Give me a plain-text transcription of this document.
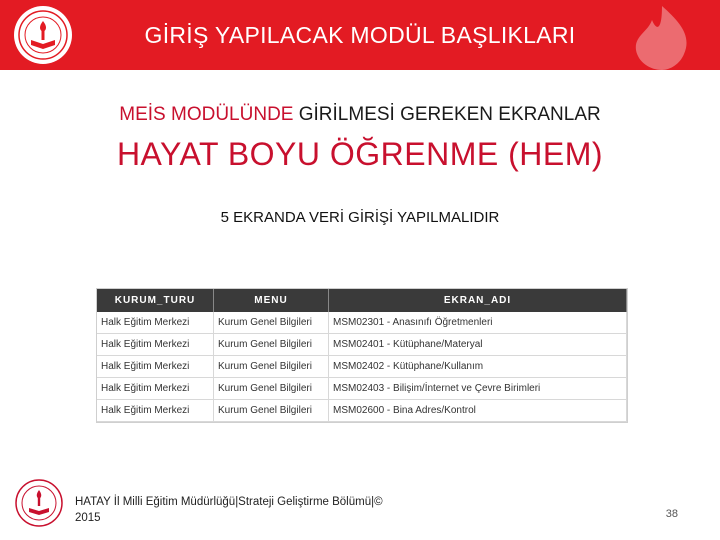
GİRİŞ YAPILACAK MODÜL BAŞLIKLARI
MEİS MODÜLÜNDE GİRİLMESİ GEREKEN EKRANLAR
HAYAT BOYU ÖĞRENME (HEM)
5 EKRANDA VERİ GİRİŞİ YAPILMALIDIR
KURUM_TURU	MENU	EKRAN_ADI
Halk Eğitim Merkezi	Kurum Genel Bilgileri	MSM02301 - Anasınıfı Öğretmenleri
Halk Eğitim Merkezi	Kurum Genel Bilgileri	MSM02401 - Kütüphane/Materyal
Halk Eğitim Merkezi	Kurum Genel Bilgileri	MSM02402 - Kütüphane/Kullanım
Halk Eğitim Merkezi	Kurum Genel Bilgileri	MSM02403 - Bilişim/İnternet ve Çevre Birimleri
Halk Eğitim Merkezi	Kurum Genel Bilgileri	MSM02600 - Bina Adres/Kontrol
HATAY İl Milli Eğitim Müdürlüğü|Strateji Geliştirme Bölümü|©
2015	38
